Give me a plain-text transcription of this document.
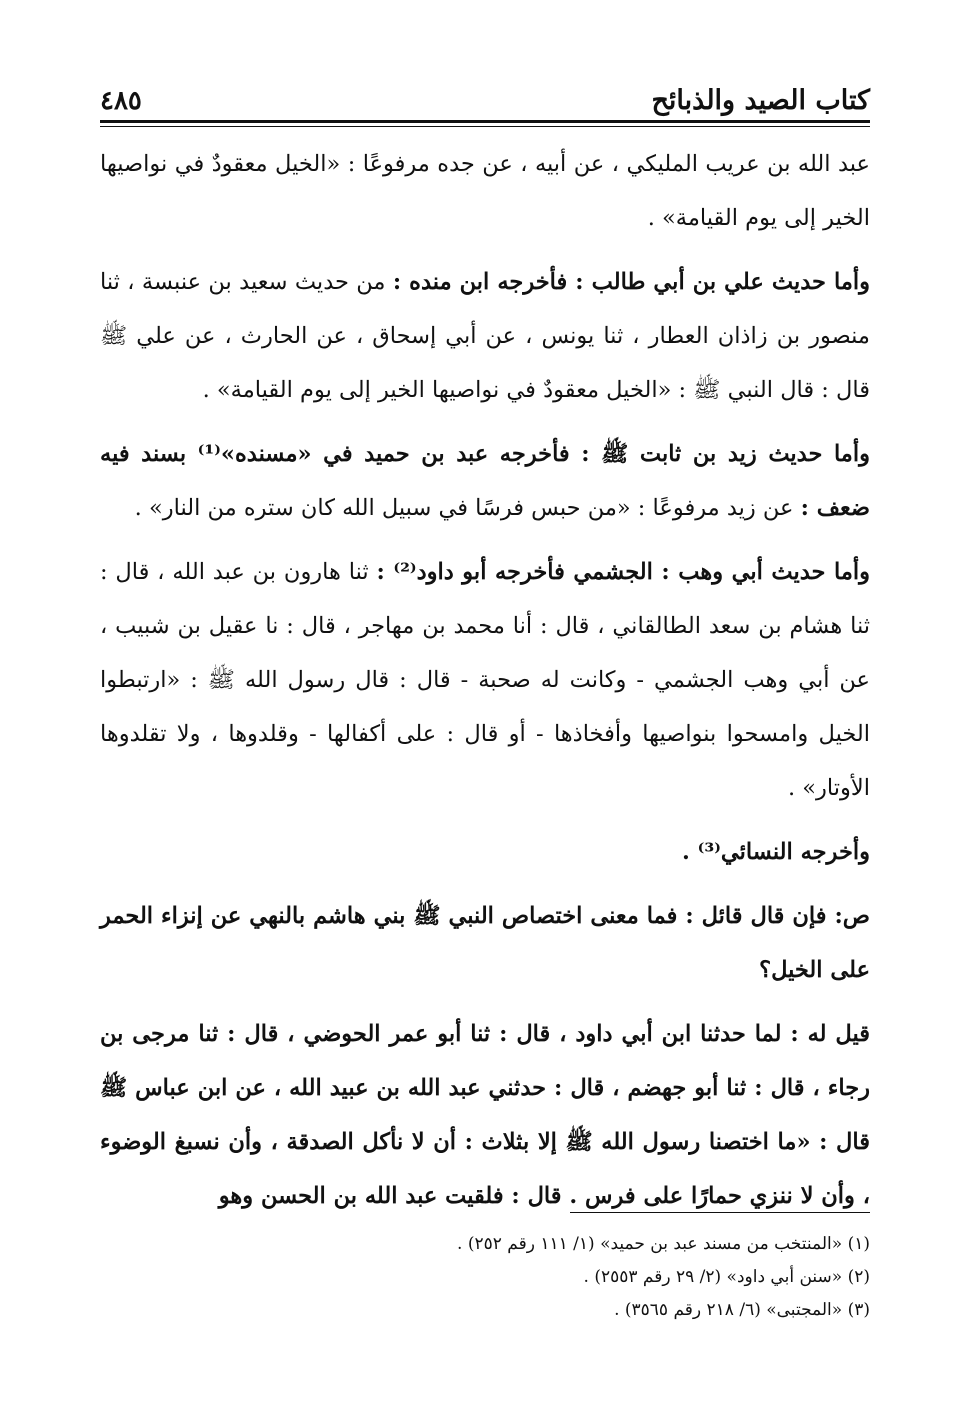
كتاب الصيد والذبائح
٤٨٥

عبد الله بن عريب المليكي ، عن أبيه ، عن جده مرفوعًا : «الخيل معقودٌ في نواصيها الخير إلى يوم القيامة» .

وأما حديث علي بن أبي طالب : فأخرجه ابن منده : من حديث سعيد بن عنبسة ، ثنا منصور بن زاذان العطار ، ثنا يونس ، عن أبي إسحاق ، عن الحارث ، عن علي ﷺ قال : قال النبي ﷺ : «الخيل معقودٌ في نواصيها الخير إلى يوم القيامة» .

وأما حديث زيد بن ثابت ﷺ : فأخرجه عبد بن حميد في «مسنده»⁽¹⁾ بسند فيه ضعف : عن زيد مرفوعًا : «من حبس فرسًا في سبيل الله كان ستره من النار» .

وأما حديث أبي وهب : الجشمي فأخرجه أبو داود⁽²⁾ : ثنا هارون بن عبد الله ، قال : ثنا هشام بن سعد الطالقاني ، قال : أنا محمد بن مهاجر ، قال : نا عقيل بن شبيب ، عن أبي وهب الجشمي - وكانت له صحبة - قال : قال رسول الله ﷺ : «ارتبطوا الخيل وامسحوا بنواصيها وأفخاذها - أو قال : على أكفالها - وقلدوها ، ولا تقلدوها الأوتار» .

وأخرجه النسائي⁽³⁾ .

ص: فإن قال قائل : فما معنى اختصاص النبي ﷺ بني هاشم بالنهي عن إنزاء الحمر على الخيل؟

قيل له : لما حدثنا ابن أبي داود ، قال : ثنا أبو عمر الحوضي ، قال : ثنا مرجى بن رجاء ، قال : ثنا أبو جهضم ، قال : حدثني عبد الله بن عبيد الله ، عن ابن عباس ﷺ قال : «ما اختصنا رسول الله ﷺ إلا بثلاث : أن لا نأكل الصدقة ، وأن نسبغ الوضوء ، وأن لا ننزي حمارًا على فرس . قال : فلقيت عبد الله بن الحسن وهو

(١) «المنتخب من مسند عبد بن حميد» (١/ ١١١ رقم ٢٥٢) .
(٢) «سنن أبي داود» (٢/ ٢٩ رقم ٢٥٥٣) .
(٣) «المجتبى» (٦/ ٢١٨ رقم ٣٥٦٥) .
